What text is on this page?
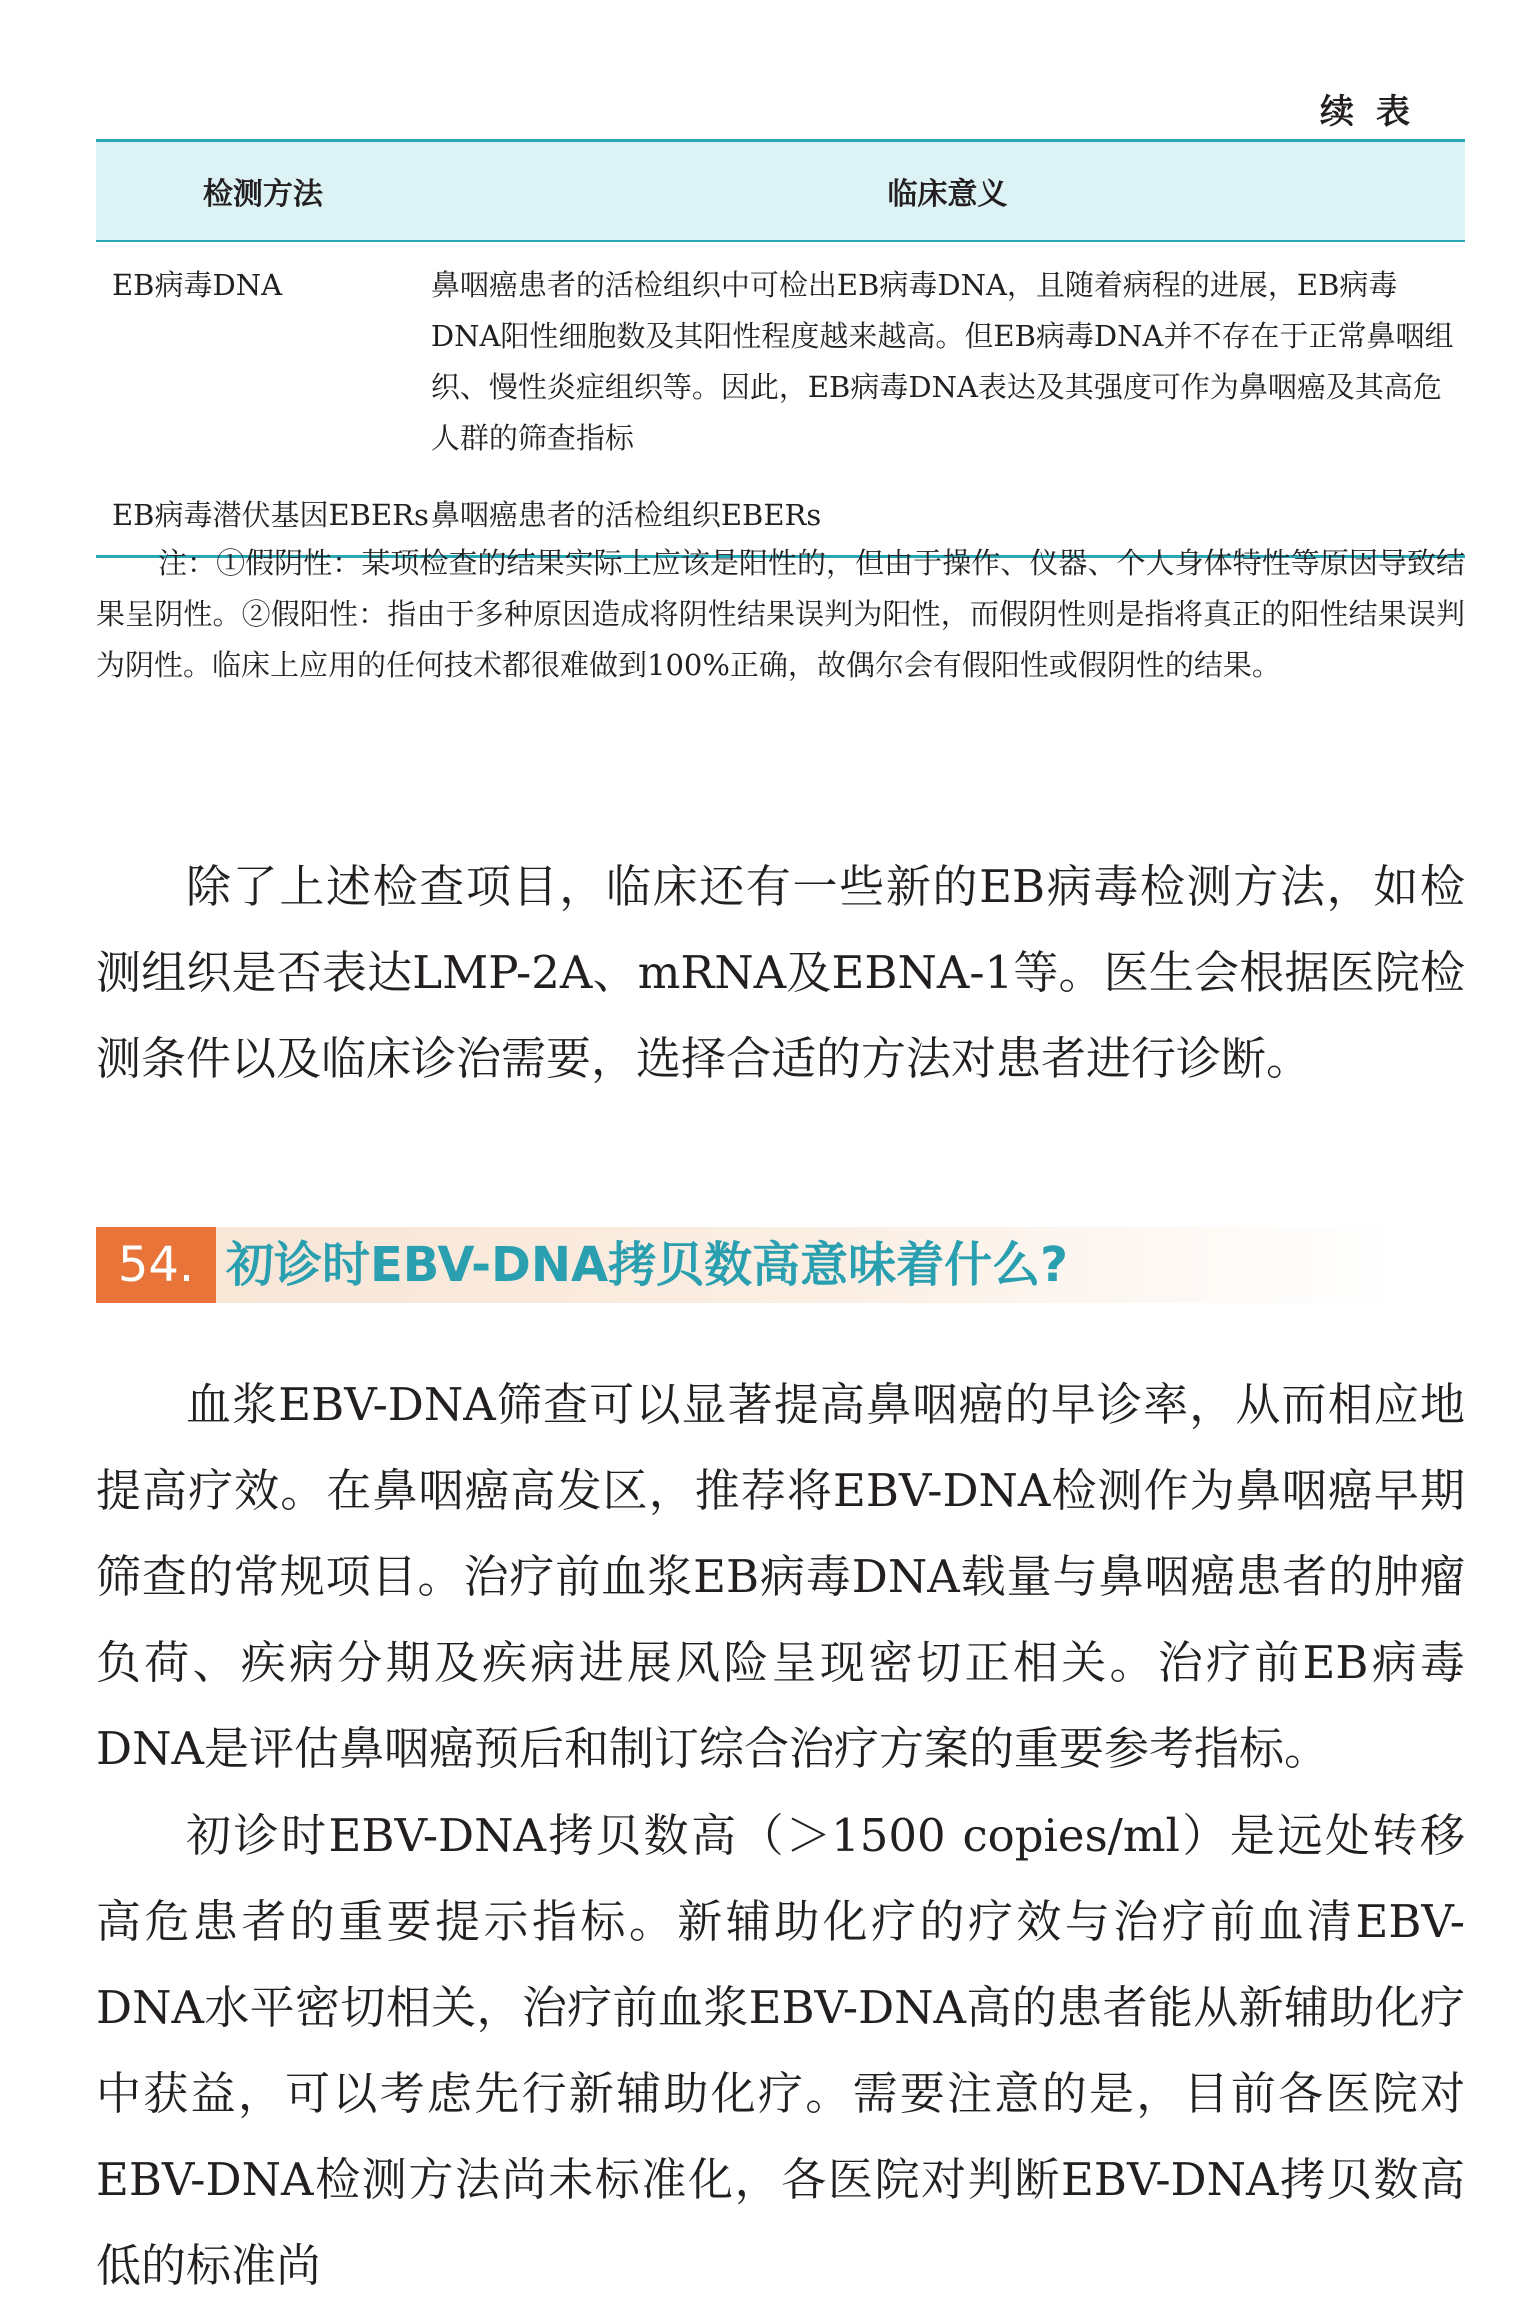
续表
检测方法	临床意义
EB病毒DNA	鼻咽癌患者的活检组织中可检出EB病毒DNA，且随着病程的进展，EB病毒DNA阳性细胞数及其阳性程度越来越高。但EB病毒DNA并不存在于正常鼻咽组织、慢性炎症组织等。因此，EB病毒DNA表达及其强度可作为鼻咽癌及其高危人群的筛查指标
EB病毒潜伏基因EBERs	鼻咽癌患者的活检组织EBERs
注：①假阴性：某项检查的结果实际上应该是阳性的，但由于操作、仪器、个人身体特性等原因导致结果呈阴性。②假阳性：指由于多种原因造成将阴性结果误判为阳性，而假阴性则是指将真正的阳性结果误判为阴性。临床上应用的任何技术都很难做到100%正确，故偶尔会有假阳性或假阴性的结果。

除了上述检查项目，临床还有一些新的EB病毒检测方法，如检测组织是否表达LMP-2A、mRNA及EBNA-1等。医生会根据医院检测条件以及临床诊治需要，选择合适的方法对患者进行诊断。

54. 初诊时EBV-DNA拷贝数高意味着什么?

血浆EBV-DNA筛查可以显著提高鼻咽癌的早诊率，从而相应地提高疗效。在鼻咽癌高发区，推荐将EBV-DNA检测作为鼻咽癌早期筛查的常规项目。治疗前血浆EB病毒DNA载量与鼻咽癌患者的肿瘤负荷、疾病分期及疾病进展风险呈现密切正相关。治疗前EB病毒DNA是评估鼻咽癌预后和制订综合治疗方案的重要参考指标。

初诊时EBV-DNA拷贝数高（＞1500 copies/ml）是远处转移高危患者的重要提示指标。新辅助化疗的疗效与治疗前血清EBV-DNA水平密切相关，治疗前血浆EBV-DNA高的患者能从新辅助化疗中获益，可以考虑先行新辅助化疗。需要注意的是，目前各医院对EBV-DNA检测方法尚未标准化，各医院对判断EBV-DNA拷贝数高低的标准尚
